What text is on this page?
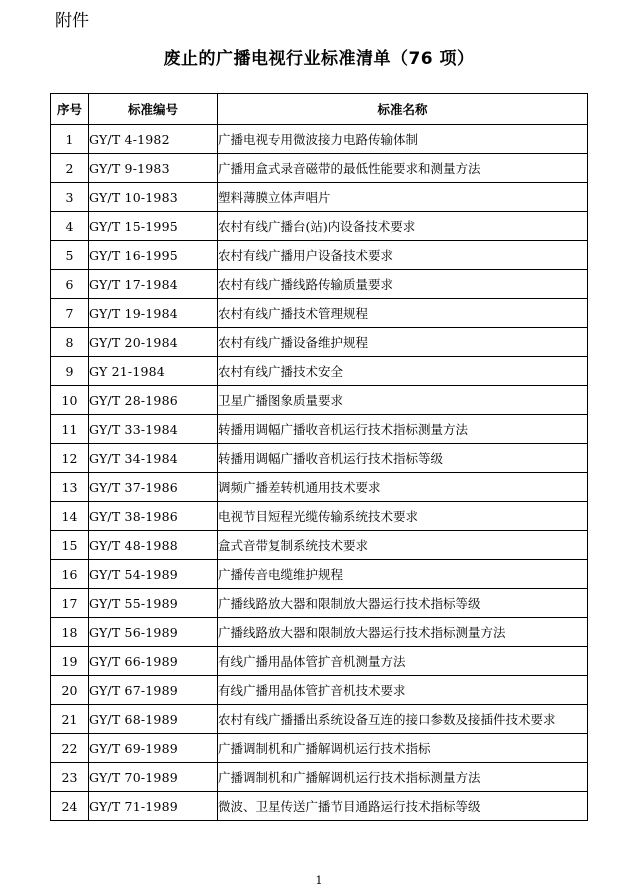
附件
废止的广播电视行业标准清单（76 项）
序号	标准编号	标准名称
1	GY/T 4-1982	广播电视专用微波接力电路传输体制
2	GY/T 9-1983	广播用盒式录音磁带的最低性能要求和测量方法
3	GY/T 10-1983	塑料薄膜立体声唱片
4	GY/T 15-1995	农村有线广播台(站)内设备技术要求
5	GY/T 16-1995	农村有线广播用户设备技术要求
6	GY/T 17-1984	农村有线广播线路传输质量要求
7	GY/T 19-1984	农村有线广播技术管理规程
8	GY/T 20-1984	农村有线广播设备维护规程
9	GY 21-1984	农村有线广播技术安全
10	GY/T 28-1986	卫星广播图象质量要求
11	GY/T 33-1984	转播用调幅广播收音机运行技术指标测量方法
12	GY/T 34-1984	转播用调幅广播收音机运行技术指标等级
13	GY/T 37-1986	调频广播差转机通用技术要求
14	GY/T 38-1986	电视节目短程光缆传输系统技术要求
15	GY/T 48-1988	盒式音带复制系统技术要求
16	GY/T 54-1989	广播传音电缆维护规程
17	GY/T 55-1989	广播线路放大器和限制放大器运行技术指标等级
18	GY/T 56-1989	广播线路放大器和限制放大器运行技术指标测量方法
19	GY/T 66-1989	有线广播用晶体管扩音机测量方法
20	GY/T 67-1989	有线广播用晶体管扩音机技术要求
21	GY/T 68-1989	农村有线广播播出系统设备互连的接口参数及接插件技术要求
22	GY/T 69-1989	广播调制机和广播解调机运行技术指标
23	GY/T 70-1989	广播调制机和广播解调机运行技术指标测量方法
24	GY/T 71-1989	微波、卫星传送广播节目通路运行技术指标等级
1
